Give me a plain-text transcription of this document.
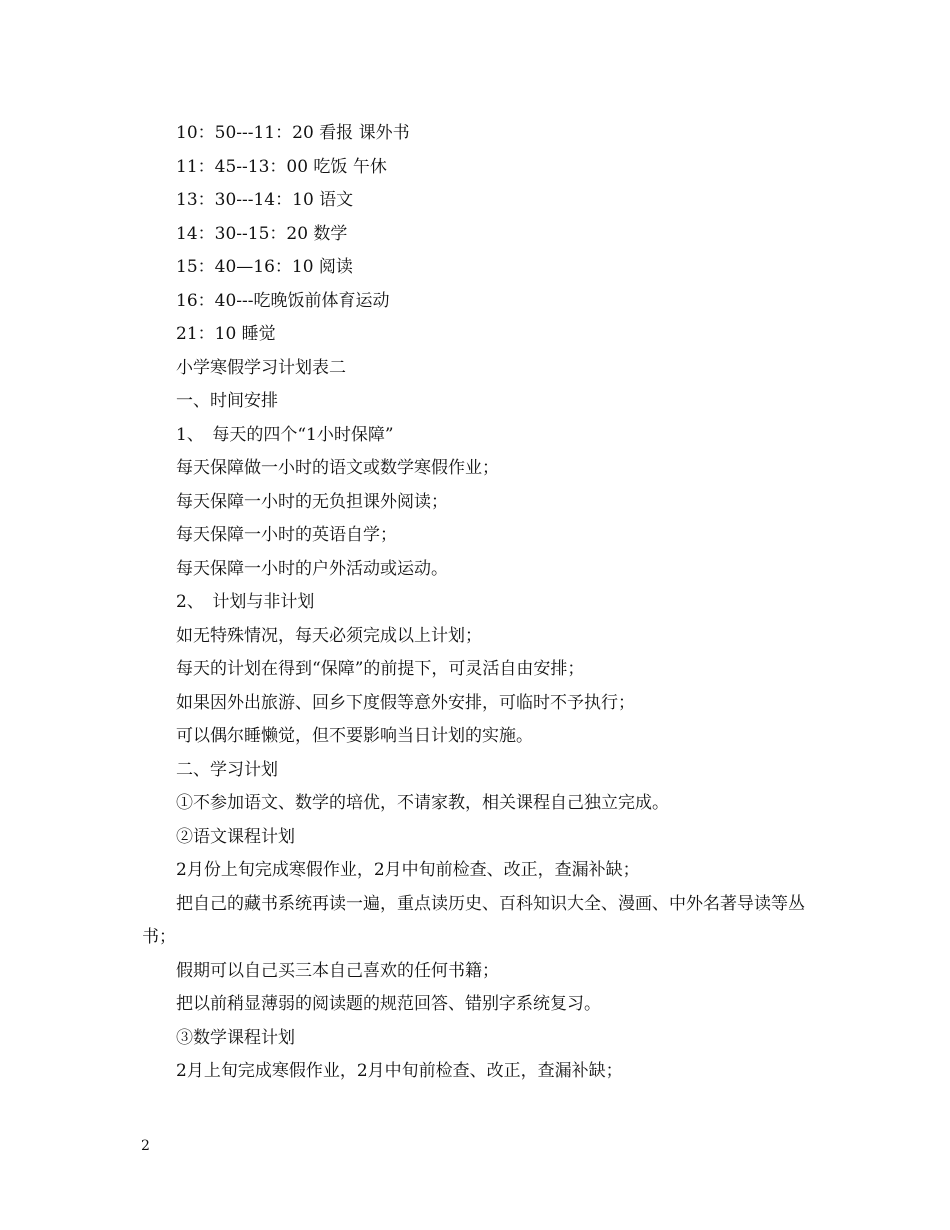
10：50---11：20 看报 课外书
11：45--13：00 吃饭 午休
13：30---14：10 语文
14：30--15：20 数学
15：40—16：10 阅读
16：40---吃晚饭前体育运动
21：10 睡觉
小学寒假学习计划表二
一、时间安排
1、　每天的四个“1小时保障”
每天保障做一小时的语文或数学寒假作业；
每天保障一小时的无负担课外阅读；
每天保障一小时的英语自学；
每天保障一小时的户外活动或运动。
2、　计划与非计划
如无特殊情况，每天必须完成以上计划；
每天的计划在得到“保障”的前提下，可灵活自由安排；
如果因外出旅游、回乡下度假等意外安排，可临时不予执行；
可以偶尔睡懒觉，但不要影响当日计划的实施。
二、学习计划
①不参加语文、数学的培优，不请家教，相关课程自己独立完成。
②语文课程计划
2月份上旬完成寒假作业，2月中旬前检查、改正，查漏补缺；
把自己的藏书系统再读一遍，重点读历史、百科知识大全、漫画、中外名著导读等丛书；
假期可以自己买三本自己喜欢的任何书籍；
把以前稍显薄弱的阅读题的规范回答、错别字系统复习。
③数学课程计划
2月上旬完成寒假作业，2月中旬前检查、改正，查漏补缺；
2
